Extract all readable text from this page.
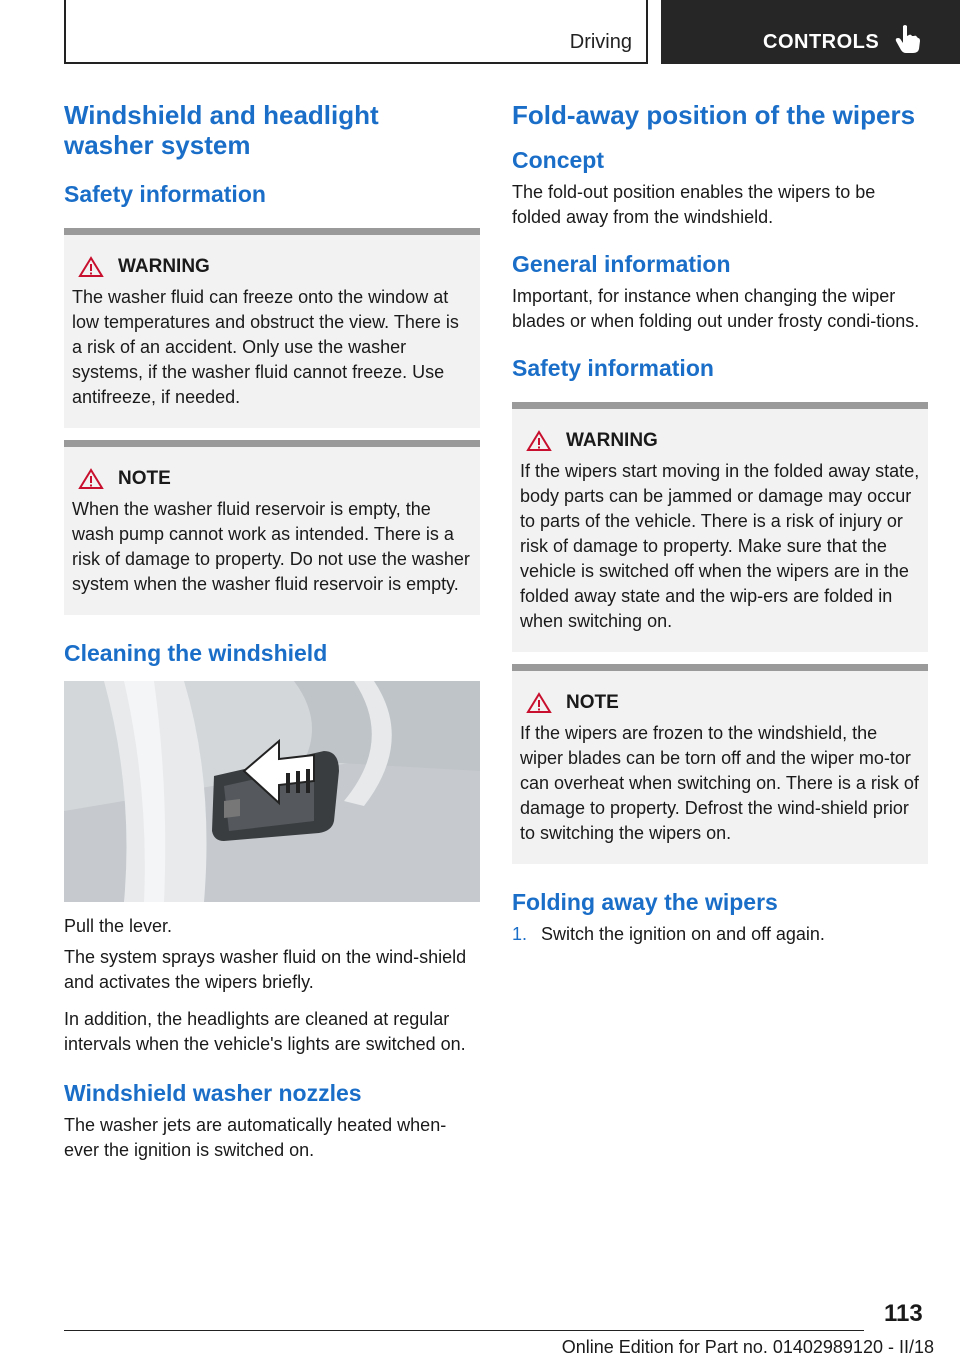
Driving	CONTROLS
Windshield and headlight washer system
Safety information
WARNING

The washer fluid can freeze onto the window at low temperatures and obstruct the view. There is a risk of an accident. Only use the washer systems, if the washer fluid cannot freeze. Use antifreeze, if needed.

NOTE

When the washer fluid reservoir is empty, the wash pump cannot work as intended. There is a risk of damage to property. Do not use the washer system when the washer fluid reservoir is empty.

Cleaning the windshield

Pull the lever.

The system sprays washer fluid on the wind‐shield and activates the wipers briefly.

In addition, the headlights are cleaned at regular intervals when the vehicle's lights are switched on.

Windshield washer nozzles

The washer jets are automatically heated when‐ever the ignition is switched on.

Fold-away position of the wipers
Concept

The fold-out position enables the wipers to be folded away from the windshield.

General information

Important, for instance when changing the wiper blades or when folding out under frosty condi‐tions.

Safety information
WARNING

If the wipers start moving in the folded away state, body parts can be jammed or damage may occur to parts of the vehicle. There is a risk of injury or risk of damage to property. Make sure that the vehicle is switched off when the wipers are in the folded away state and the wip‐ers are folded in when switching on.

NOTE

If the wipers are frozen to the windshield, the wiper blades can be torn off and the wiper mo‐tor can overheat when switching on. There is a risk of damage to property. Defrost the wind‐shield prior to switching the wipers on.

Folding away the wipers
1. Switch the ignition on and off again.
113
Online Edition for Part no. 01402989120 - II/18
